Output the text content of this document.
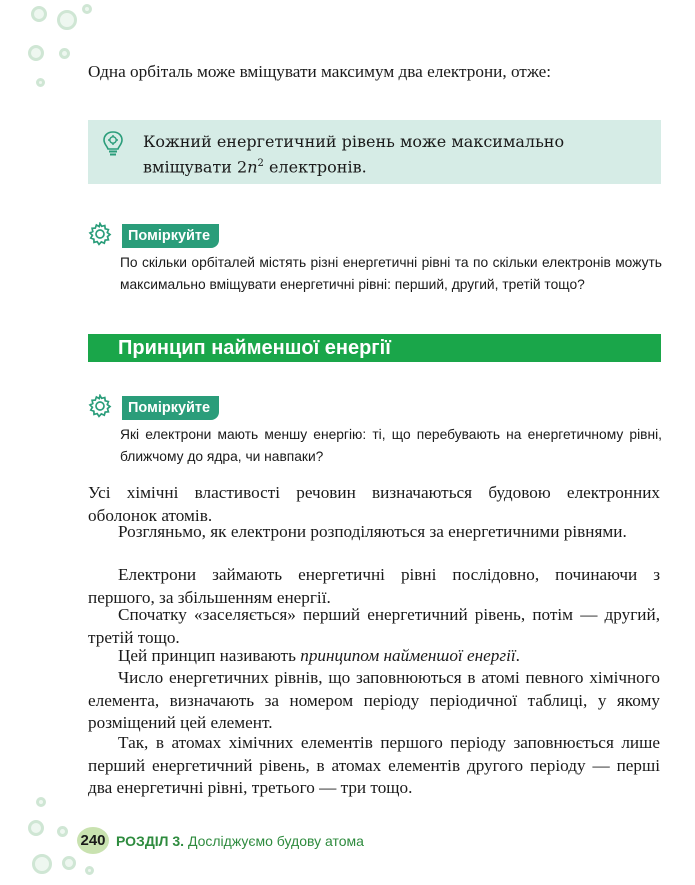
Одна орбіталь може вміщувати максимум два електрони, отже:

Кожний енергетичний рівень може максимально
вміщувати $2n^2$ електронів.

Поміркуйте

По скільки орбіталей містять різні енергетичні рівні та по скільки електронів можуть максимально вміщувати енергетичні рівні: перший, другий, третій тощо?

Принцип найменшої енергії
Поміркуйте

Які електрони мають меншу енергію: ті, що перебувають на енергетичному рівні, ближчому до ядра, чи навпаки?

Усі хімічні властивості речовин визначаються будовою електронних оболонок атомів.

Розгляньмо, як електрони розподіляються за енергетичними рівнями.

Електрони займають енергетичні рівні послідовно, починаючи з першого, за збільшенням енергії.

Спочатку «заселяється» перший енергетичний рівень, потім — другий, третій тощо.

Цей принцип називають принципом найменшої енергії.

Число енергетичних рівнів, що заповнюються в атомі певного хімічного елемента, визначають за номером періоду періодичної таблиці, у якому розміщений цей елемент.

Так, в атомах хімічних елементів першого періоду заповнюється лише перший енергетичний рівень, в атомах елементів другого періоду — перші два енергетичні рівні, третього — три тощо.

240 РОЗДІЛ 3. Досліджуємо будову атома
